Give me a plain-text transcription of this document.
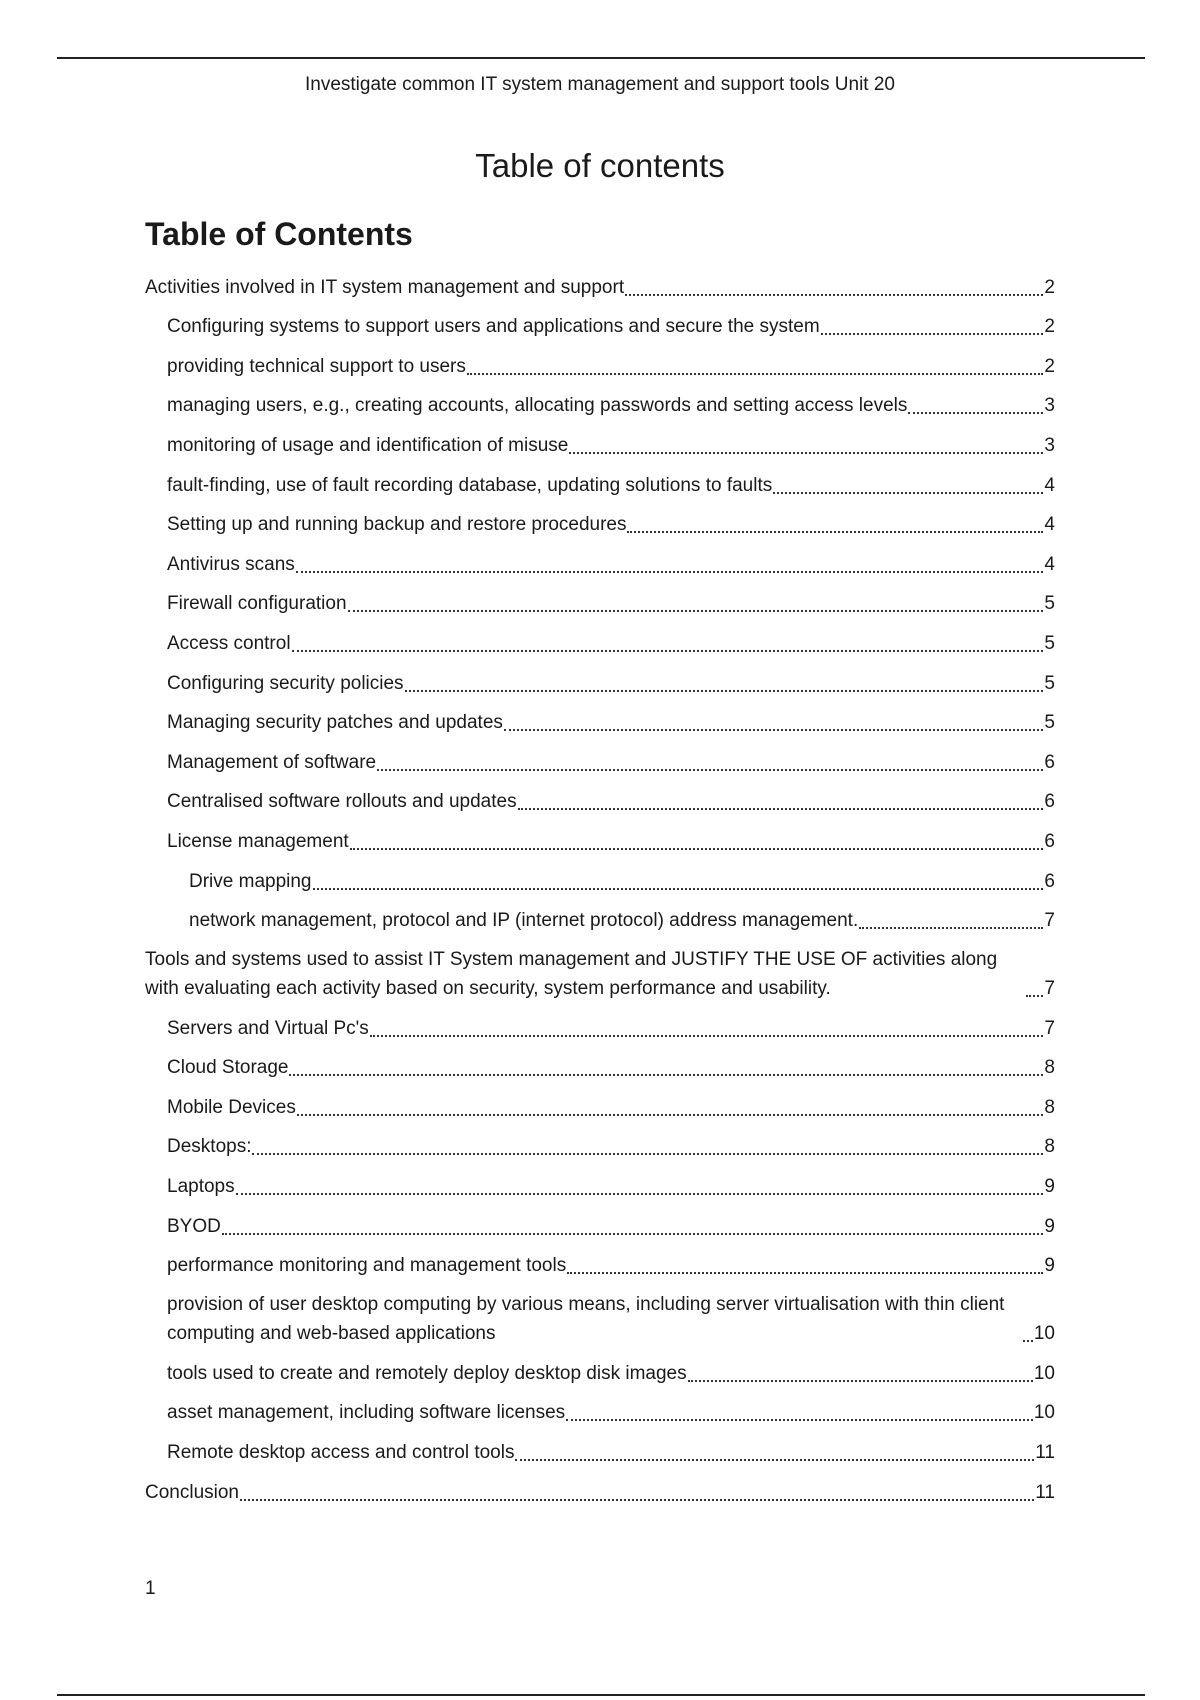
Investigate common IT system management and support tools Unit 20
Table of contents
Table of Contents
Activities involved in IT system management and support	2
Configuring systems to support users and applications and secure the system	2
providing technical support to users	2
managing users, e.g., creating accounts, allocating passwords and setting access levels	3
monitoring of usage and identification of misuse	3
fault-finding, use of fault recording database, updating solutions to faults	4
Setting up and running backup and restore procedures	4
Antivirus scans	4
Firewall configuration	5
Access control	5
Configuring security policies	5
Managing security patches and updates	5
Management of software	6
Centralised software rollouts and updates	6
License management	6
Drive mapping	6
network management, protocol and IP (internet protocol) address management.	7
Tools and systems used to assist IT System management and JUSTIFY THE USE OF activities along with evaluating each activity based on security, system performance and usability.	7
Servers and Virtual Pc's	7
Cloud Storage	8
Mobile Devices	8
Desktops:	8
Laptops	9
BYOD	9
performance monitoring and management tools	9
provision of user desktop computing by various means, including server virtualisation with thin client computing and web-based applications	10
tools used to create and remotely deploy desktop disk images	10
asset management, including software licenses	10
Remote desktop access and control tools	11
Conclusion	11
1
